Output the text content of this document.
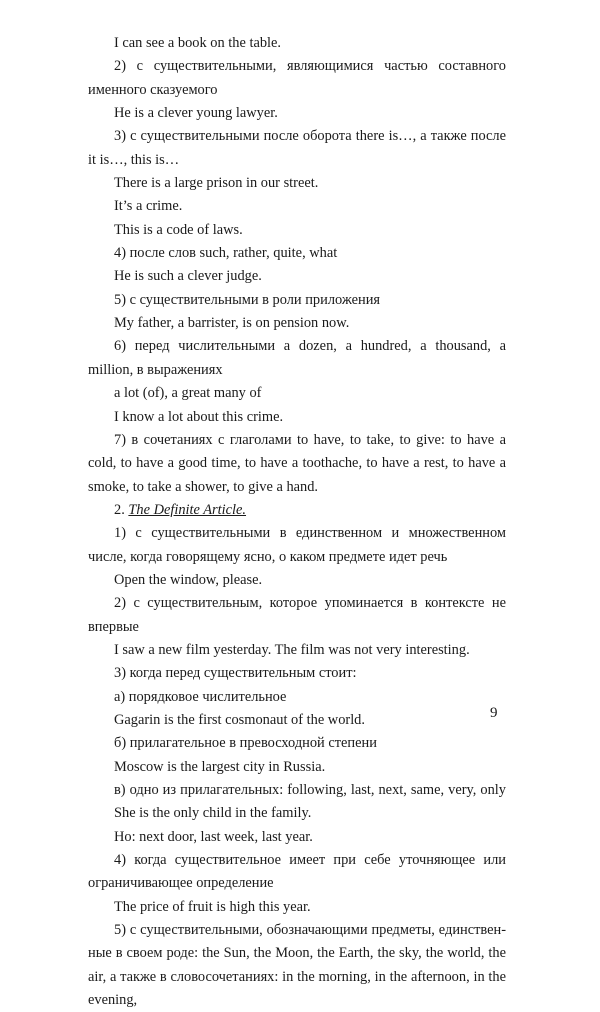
I can see a book on the table.

2) с существительными, являющимися частью составного именного сказуемого

He is a clever young lawyer.

3) с существительными после оборота there is…, а также после it is…, this is…

There is a large prison in our street.

It’s a crime.

This is a code of laws.

4) после слов such, rather, quite, what

He is such a clever judge.

5) с существительными в роли приложения

My father, a barrister, is on pension now.

6) перед числительными a dozen, a hundred, a thousand, a million, в выражениях

a lot (of), a great many of

I know a lot about this crime.

7) в сочетаниях с глаголами to have, to take, to give: to have a cold, to have a good time, to have a toothache, to have a rest, to have a smoke, to take a shower, to give a hand.

2. The Definite Article.

1) с существительными в единственном и множественном числе, когда говорящему ясно, о каком предмете идет речь

Open the window, please.

2) с существительным, которое упоминается в контексте не впервые

I saw a new film yesterday. The film was not very interesting.

3) когда перед существительным стоит:

а) порядковое числительное

Gagarin is the first cosmonaut of the world.

б) прилагательное в превосходной степени

Moscow is the largest city in Russia.

в) одно из прилагательных: following, last, next, same, very, only

She is the only child in the family.

Но: next door, last week, last year.

4) когда существительное имеет при себе уточняющее или ограничивающее определение

The price of fruit is high this year.

5) с существительными, обозначающими предметы, единствен-ные в своем роде: the Sun, the Moon, the Earth, the sky, the world, the air, а также в словосочетаниях: in the morning, in the afternoon, in the evening,

9
